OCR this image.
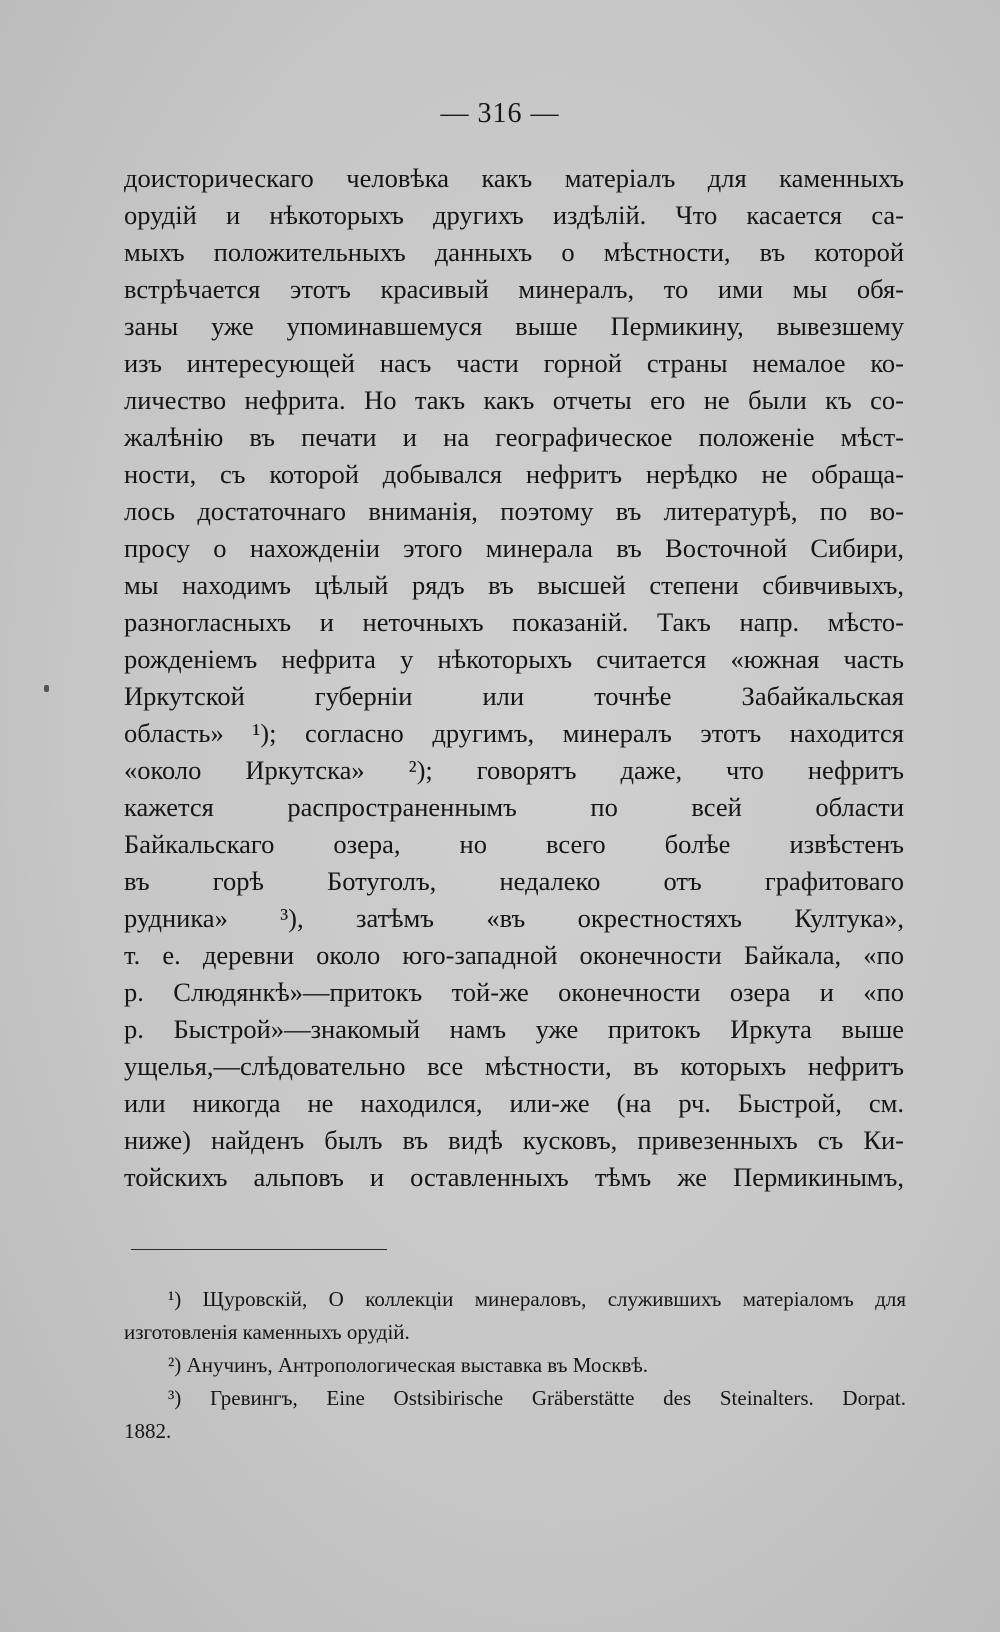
— 316 —
доисторическаго человѣка какъ матеріалъ для каменныхъ
орудій и нѣкоторыхъ другихъ издѣлій. Что касается са-
мыхъ положительныхъ данныхъ о мѣстности, въ которой
встрѣчается этотъ красивый минералъ, то ими мы обя-
заны уже упоминавшемуся выше Пермикину, вывезшему
изъ интересующей насъ части горной страны немалое ко-
личество нефрита. Но такъ какъ отчеты его не были къ со-
жалѣнію въ печати и на географическое положеніе мѣст-
ности, съ которой добывался нефритъ нерѣдко не обраща-
лось достаточнаго вниманія, поэтому въ литературѣ, по во-
просу о нахожденіи этого минерала въ Восточной Сибири,
мы находимъ цѣлый рядъ въ высшей степени сбивчивыхъ,
разногласныхъ и неточныхъ показаній. Такъ напр. мѣсто-
рожденіемъ нефрита у нѣкоторыхъ считается «южная часть
Иркутской губерніи или точнѣе Забайкальская
область» ¹); согласно другимъ, минералъ этотъ находится
«около Иркутска» ²); говорятъ даже, что нефритъ
кажется распространеннымъ по всей области
Байкальскаго озера, но всего болѣе извѣстенъ
въ горѣ Ботуголъ, недалеко отъ графитоваго
рудника» ³), затѣмъ «въ окрестностяхъ Култука»,
т. е. деревни около юго-западной оконечности Байкала, «по
р. Слюдянкѣ»—притокъ той-же оконечности озера и «по
р. Быстрой»—знакомый намъ уже притокъ Иркута выше
ущелья,—слѣдовательно все мѣстности, въ которыхъ нефритъ
или никогда не находился, или-же (на рч. Быстрой, см.
ниже) найденъ былъ въ видѣ кусковъ, привезенныхъ съ Ки-
тойскихъ альповъ и оставленныхъ тѣмъ же Пермикинымъ,
¹) Щуровскій, О коллекціи минераловъ, служившихъ матеріаломъ для
изготовленія каменныхъ орудій.
²) Анучинъ, Антропологическая выставка въ Москвѣ.
³) Гревингъ, Eine Ostsibirische Gräberstätte des Steinalters. Dorpat.
1882.
